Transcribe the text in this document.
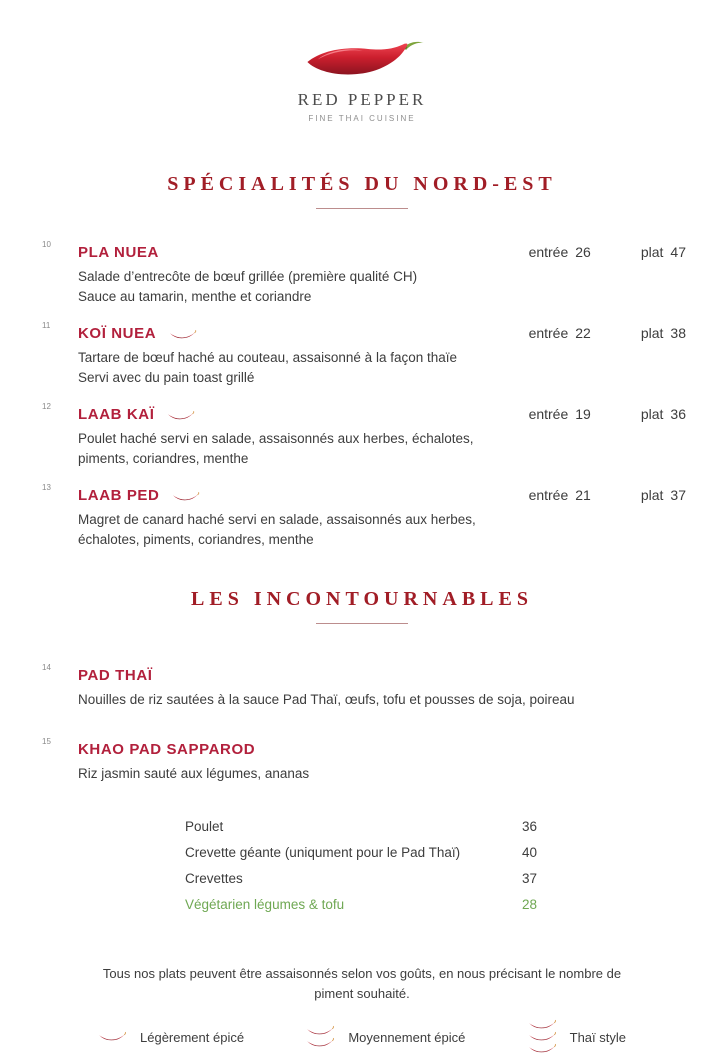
RED PEPPER
FINE THAI CUISINE
SPÉCIALITÉS DU NORD-EST
10 PLA NUEA	entrée 26	plat 47
Salade d’entrecôte de bœuf grillée (première qualité CH)
Sauce au tamarin, menthe et coriandre
11 KOÏ NUEA	entrée 22	plat 38
Tartare de bœuf haché au couteau, assaisonné à la façon thaïe
Servi avec du pain toast grillé
12 LAAB KAÏ	entrée 19	plat 36
Poulet haché servi en salade, assaisonnés aux herbes, échalotes,
piments, coriandres, menthe
13 LAAB PED	entrée 21	plat 37
Magret de canard haché servi en salade, assaisonnés aux herbes,
échalotes, piments, coriandres, menthe
LES INCONTOURNABLES
14 PAD THAÏ
Nouilles de riz sautées à la sauce Pad Thaï, œufs, tofu et pousses de soja, poireau
15 KHAO PAD SAPPAROD
Riz jasmin sauté aux légumes, ananas
Poulet	36
Crevette géante (uniqument pour le Pad Thaï)	40
Crevettes	37
Végétarien légumes & tofu	28
Tous nos plats peuvent être assaisonnés selon vos goûts, en nous précisant le nombre de
piment souhaité.
Légèrement épicé	Moyennement épicé	Thaï style
